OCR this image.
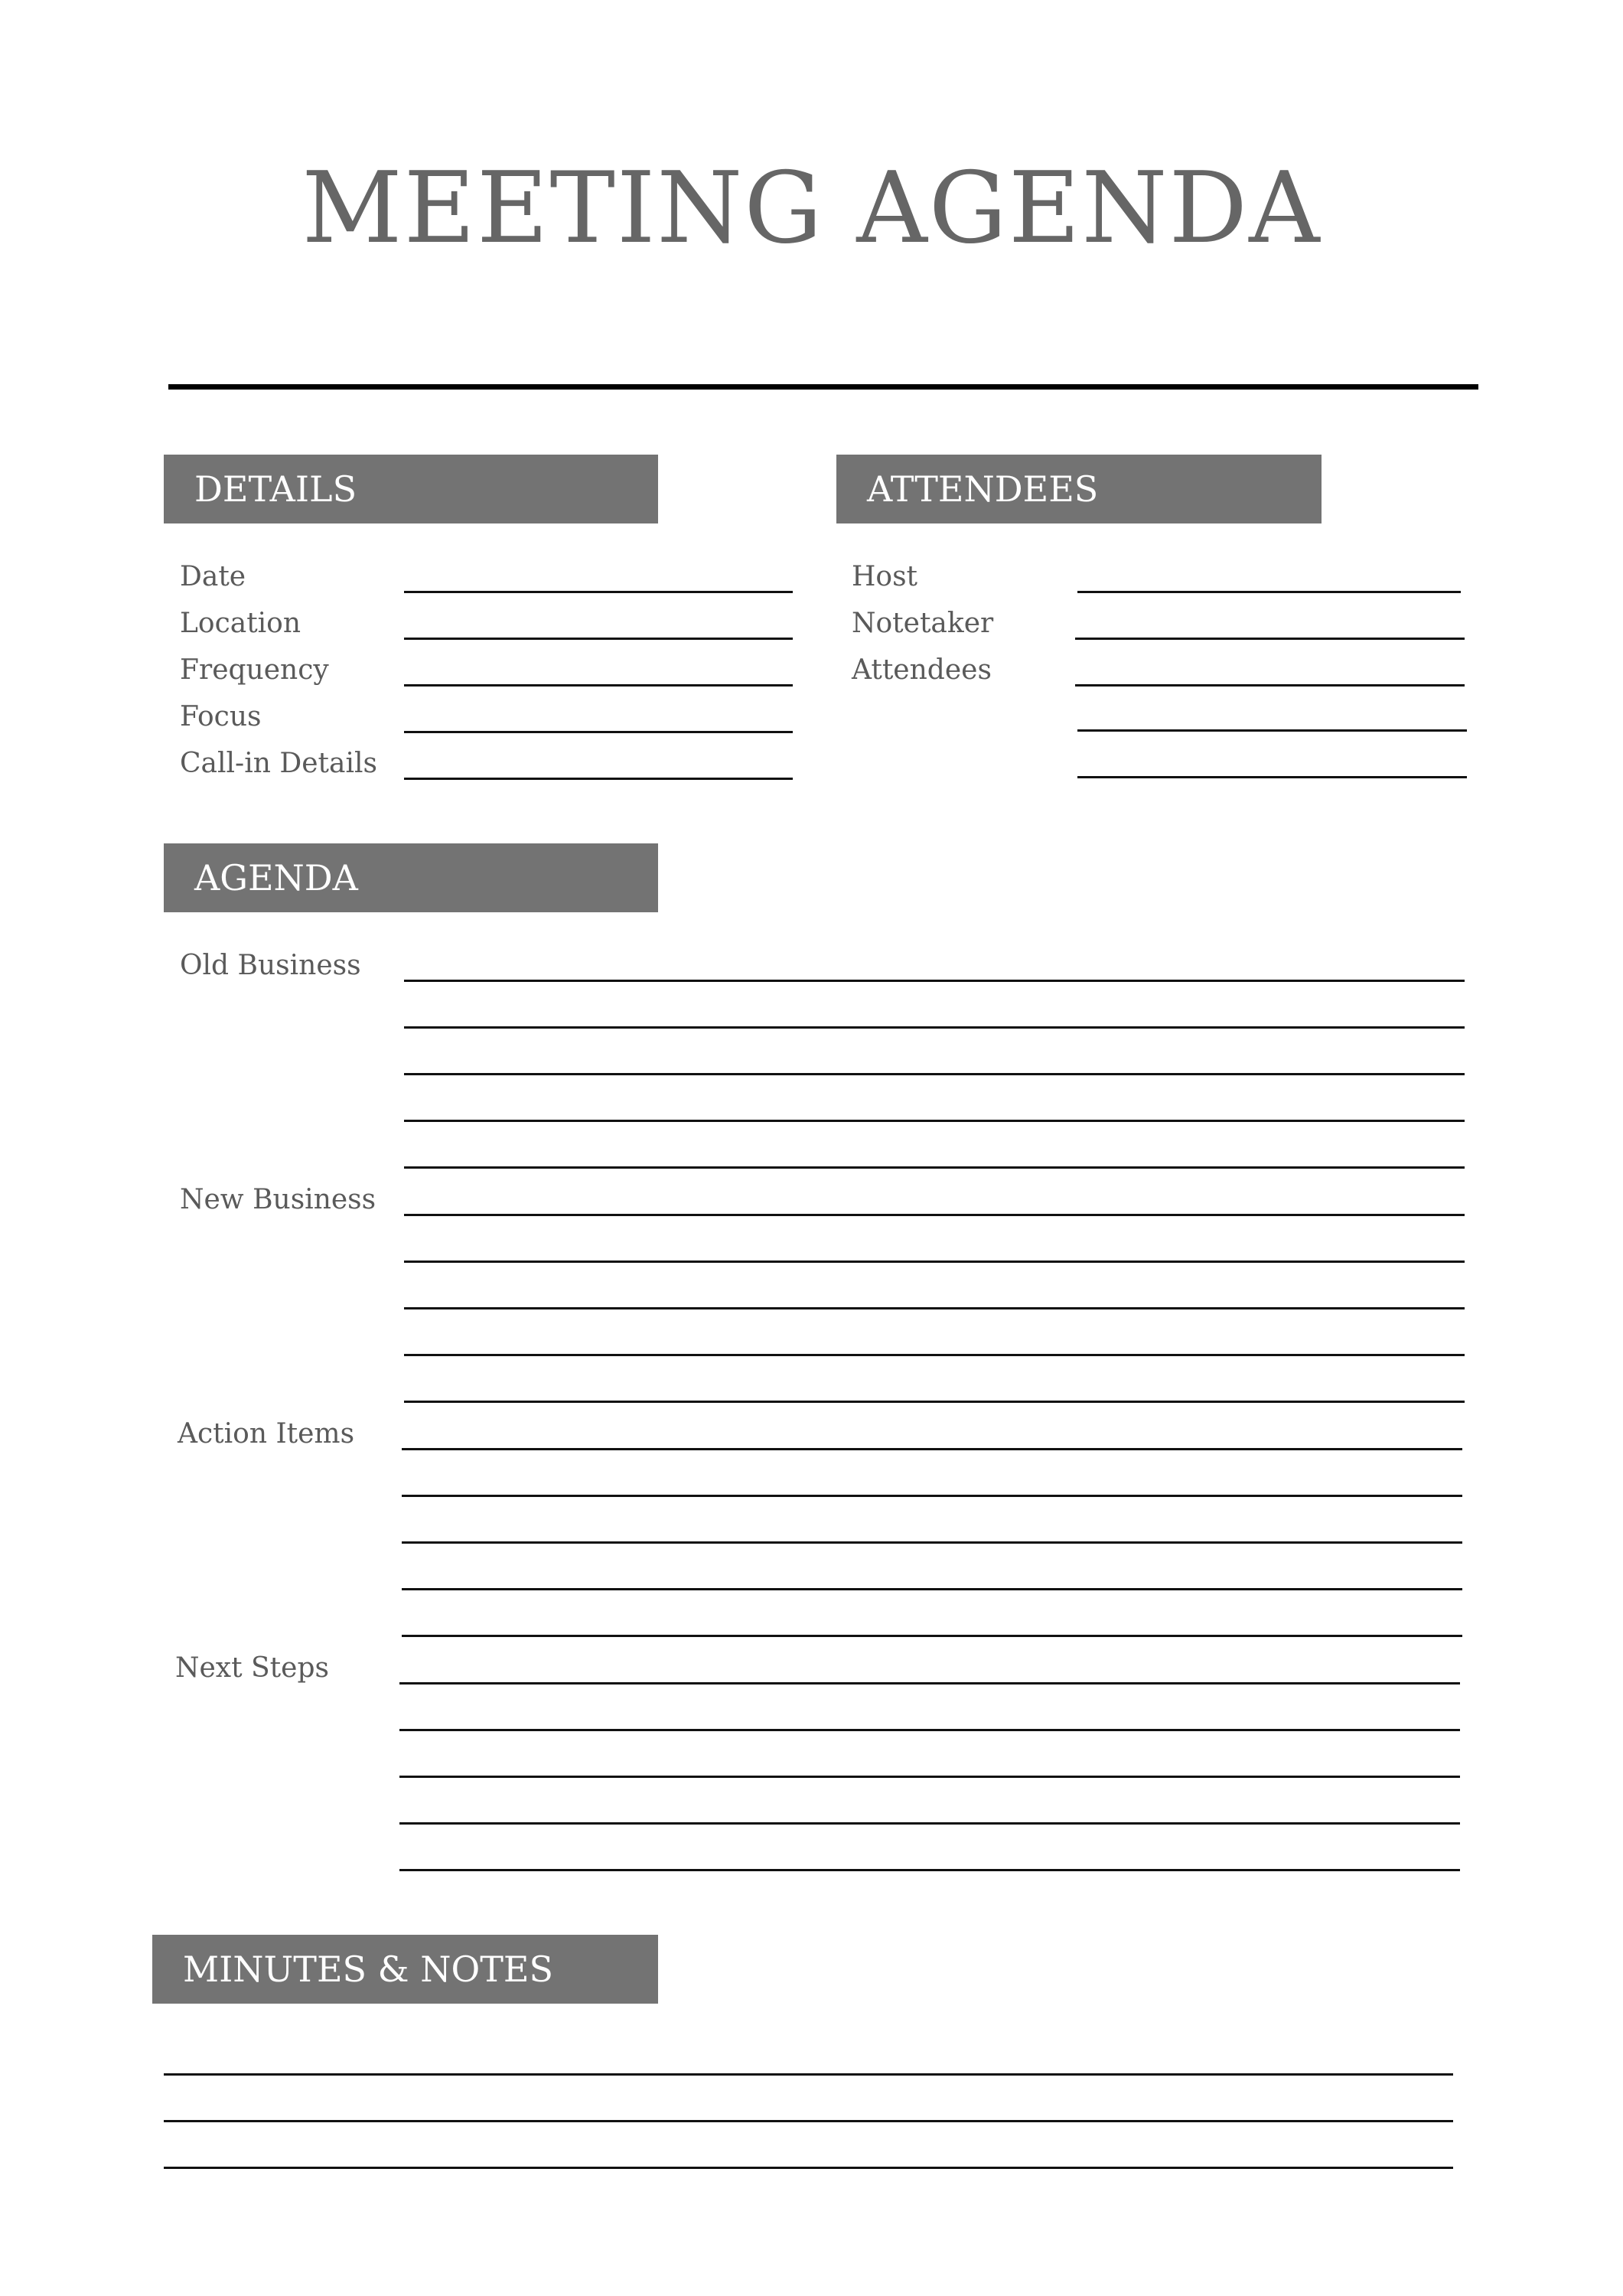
MEETING AGENDA
DETAILS	ATTENDEES
AGENDA
MINUTES & NOTES
Date
Location
Frequency
Focus
Call-in Details
Host
Notetaker
Attendees
Old Business
New Business
Action Items
Next Steps
